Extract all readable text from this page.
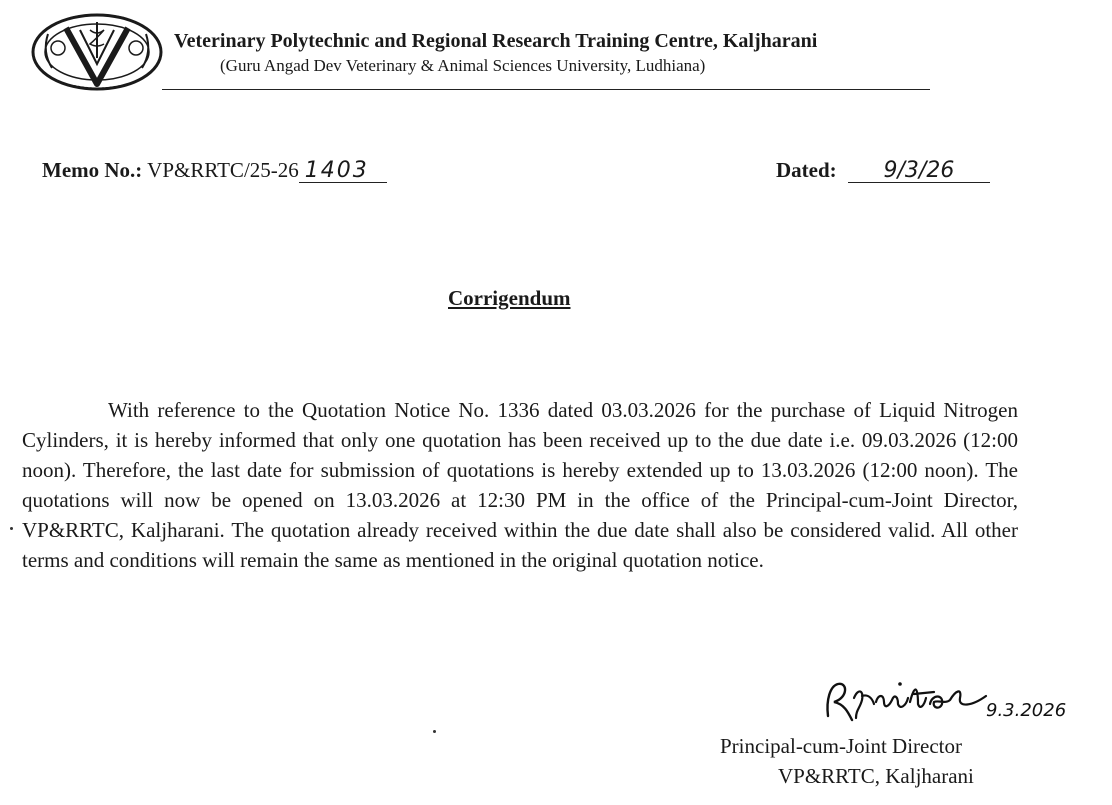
Veterinary Polytechnic and Regional Research Training Centre, Kaljharani
(Guru Angad Dev Veterinary & Animal Sciences University, Ludhiana)
Memo No.: VP&RRTC/25-26 1403	Dated: 9/3/26
Corrigendum

With reference to the Quotation Notice No. 1336 dated 03.03.2026 for the purchase of Liquid Nitrogen Cylinders, it is hereby informed that only one quotation has been received up to the due date i.e. 09.03.2026 (12:00 noon). Therefore, the last date for submission of quotations is hereby extended up to 13.03.2026 (12:00 noon). The quotations will now be opened on 13.03.2026 at 12:30 PM in the office of the Principal-cum-Joint Director, VP&RRTC, Kaljharani. The quotation already received within the due date shall also be considered valid. All other terms and conditions will remain the same as mentioned in the original quotation notice.

9.3.2026
Principal-cum-Joint Director
VP&RRTC, Kaljharani
